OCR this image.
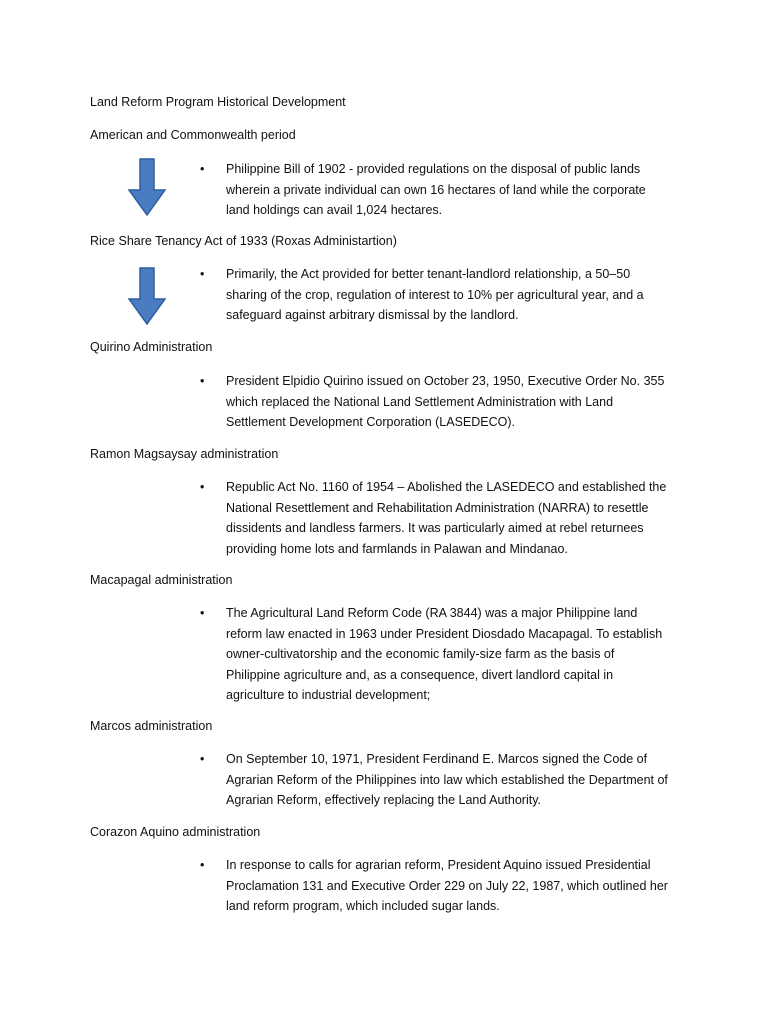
Land Reform Program Historical Development
American and Commonwealth period
• Philippine Bill of 1902 - provided regulations on the disposal of public lands wherein a private individual can own 16 hectares of land while the corporate land holdings can avail 1,024 hectares.
Rice Share Tenancy Act of 1933 (Roxas Administartion)
• Primarily, the Act provided for better tenant-landlord relationship, a 50–50 sharing of the crop, regulation of interest to 10% per agricultural year, and a safeguard against arbitrary dismissal by the landlord.
Quirino Administration
• President Elpidio Quirino issued on October 23, 1950, Executive Order No. 355 which replaced the National Land Settlement Administration with Land Settlement Development Corporation (LASEDECO).
Ramon Magsaysay administration
• Republic Act No. 1160 of 1954 – Abolished the LASEDECO and established the National Resettlement and Rehabilitation Administration (NARRA) to resettle dissidents and landless farmers. It was particularly aimed at rebel returnees providing home lots and farmlands in Palawan and Mindanao.
Macapagal administration
• The Agricultural Land Reform Code (RA 3844) was a major Philippine land reform law enacted in 1963 under President Diosdado Macapagal. To establish owner-cultivatorship and the economic family-size farm as the basis of Philippine agriculture and, as a consequence, divert landlord capital in agriculture to industrial development;
Marcos administration
• On September 10, 1971, President Ferdinand E. Marcos signed the Code of Agrarian Reform of the Philippines into law which established the Department of Agrarian Reform, effectively replacing the Land Authority.
Corazon Aquino administration
• In response to calls for agrarian reform, President Aquino issued Presidential Proclamation 131 and Executive Order 229 on July 22, 1987, which outlined her land reform program, which included sugar lands.
